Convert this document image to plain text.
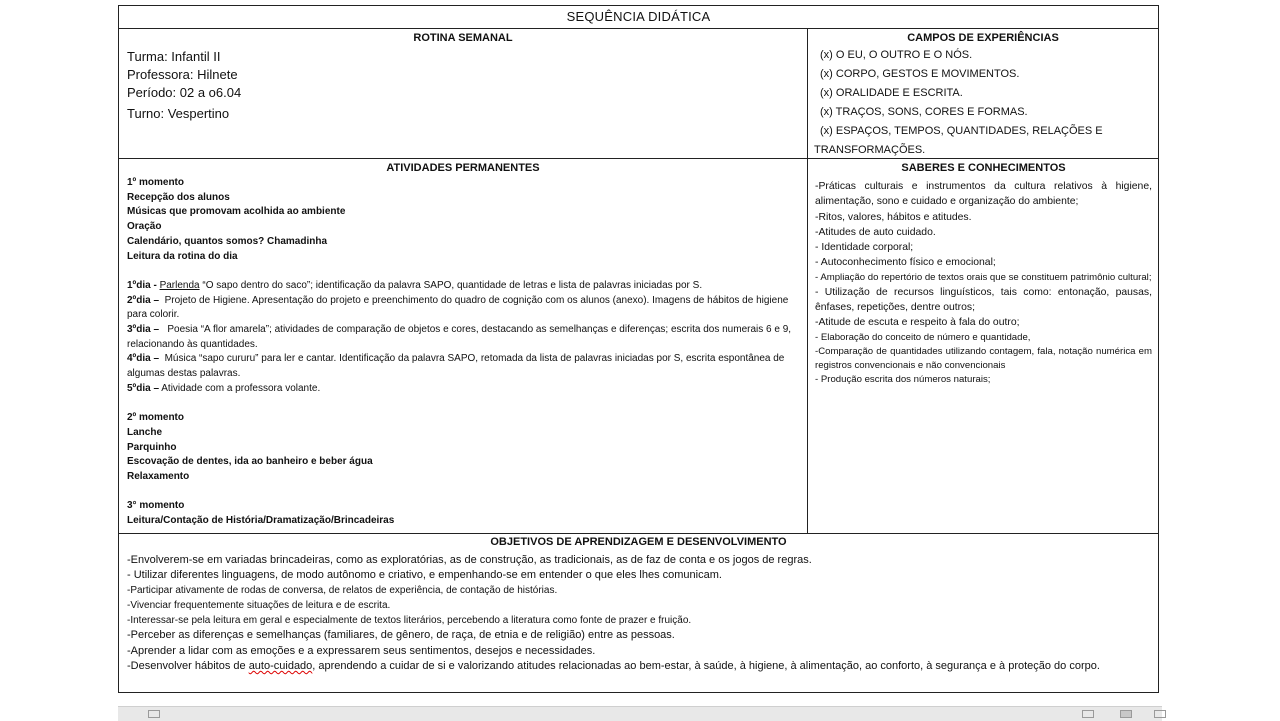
SEQUÊNCIA DIDÁTICA
ROTINA SEMANAL
Turma: Infantil II
Professora: Hilnete
Período: 02 a o6.04
Turno: Vespertino
CAMPOS DE EXPERIÊNCIAS
(x) O EU, O OUTRO E O NÓS.
(x) CORPO, GESTOS E MOVIMENTOS.
(x) ORALIDADE E ESCRITA.
(x) TRAÇOS, SONS, CORES E FORMAS.
(x) ESPAÇOS, TEMPOS, QUANTIDADES, RELAÇÕES E
TRANSFORMAÇÕES.
ATIVIDADES PERMANENTES
1º momento
Recepção dos alunos
Músicas que promovam acolhida ao ambiente
Oração
Calendário, quantos somos? Chamadinha
Leitura da rotina do dia
1ºdia - Parlenda “O sapo dentro do saco”; identificação da palavra SAPO, quantidade de letras e lista de palavras iniciadas por S.
2ºdia – Projeto de Higiene. Apresentação do projeto e preenchimento do quadro de cognição com os alunos (anexo). Imagens de hábitos de higiene para colorir.
3ºdia – Poesia “A flor amarela”; atividades de comparação de objetos e cores, destacando as semelhanças e diferenças; escrita dos numerais 6 e 9, relacionando às quantidades.
4ºdia – Música “sapo cururu” para ler e cantar. Identificação da palavra SAPO, retomada da lista de palavras iniciadas por S, escrita espontânea de algumas destas palavras.
5ºdia – Atividade com a professora volante.
2º momento
Lanche
Parquinho
Escovação de dentes, ida ao banheiro e beber água
Relaxamento
3° momento
Leitura/Contação de História/Dramatização/Brincadeiras
SABERES E CONHECIMENTOS
-Práticas culturais e instrumentos da cultura relativos à higiene, alimentação, sono e cuidado e organização do ambiente;
-Ritos, valores, hábitos e atitudes.
-Atitudes de auto cuidado.
- Identidade corporal;
- Autoconhecimento físico e emocional;
- Ampliação do repertório de textos orais que se constituem patrimônio cultural;
- Utilização de recursos linguísticos, tais como: entonação, pausas, ênfases, repetições, dentre outros;
-Atitude de escuta e respeito à fala do outro;
- Elaboração do conceito de número e quantidade,
-Comparação de quantidades utilizando contagem, fala, notação numérica em registros convencionais e não convencionais
- Produção escrita dos números naturais;
OBJETIVOS DE APRENDIZAGEM E DESENVOLVIMENTO
-Envolverem-se em variadas brincadeiras, como as exploratórias, as de construção, as tradicionais, as de faz de conta e os jogos de regras.
- Utilizar diferentes linguagens, de modo autônomo e criativo, e empenhando-se em entender o que eles lhes comunicam.
-Participar ativamente de rodas de conversa, de relatos de experiência, de contação de histórias.
-Vivenciar frequentemente situações de leitura e de escrita.
-Interessar-se pela leitura em geral e especialmente de textos literários, percebendo a literatura como fonte de prazer e fruição.
-Perceber as diferenças e semelhanças (familiares, de gênero, de raça, de etnia e de religião) entre as pessoas.
-Aprender a lidar com as emoções e a expressarem seus sentimentos, desejos e necessidades.
-Desenvolver hábitos de auto-cuidado, aprendendo a cuidar de si e valorizando atitudes relacionadas ao bem-estar, à saúde, à higiene, à alimentação, ao conforto, à segurança e à proteção do corpo.
